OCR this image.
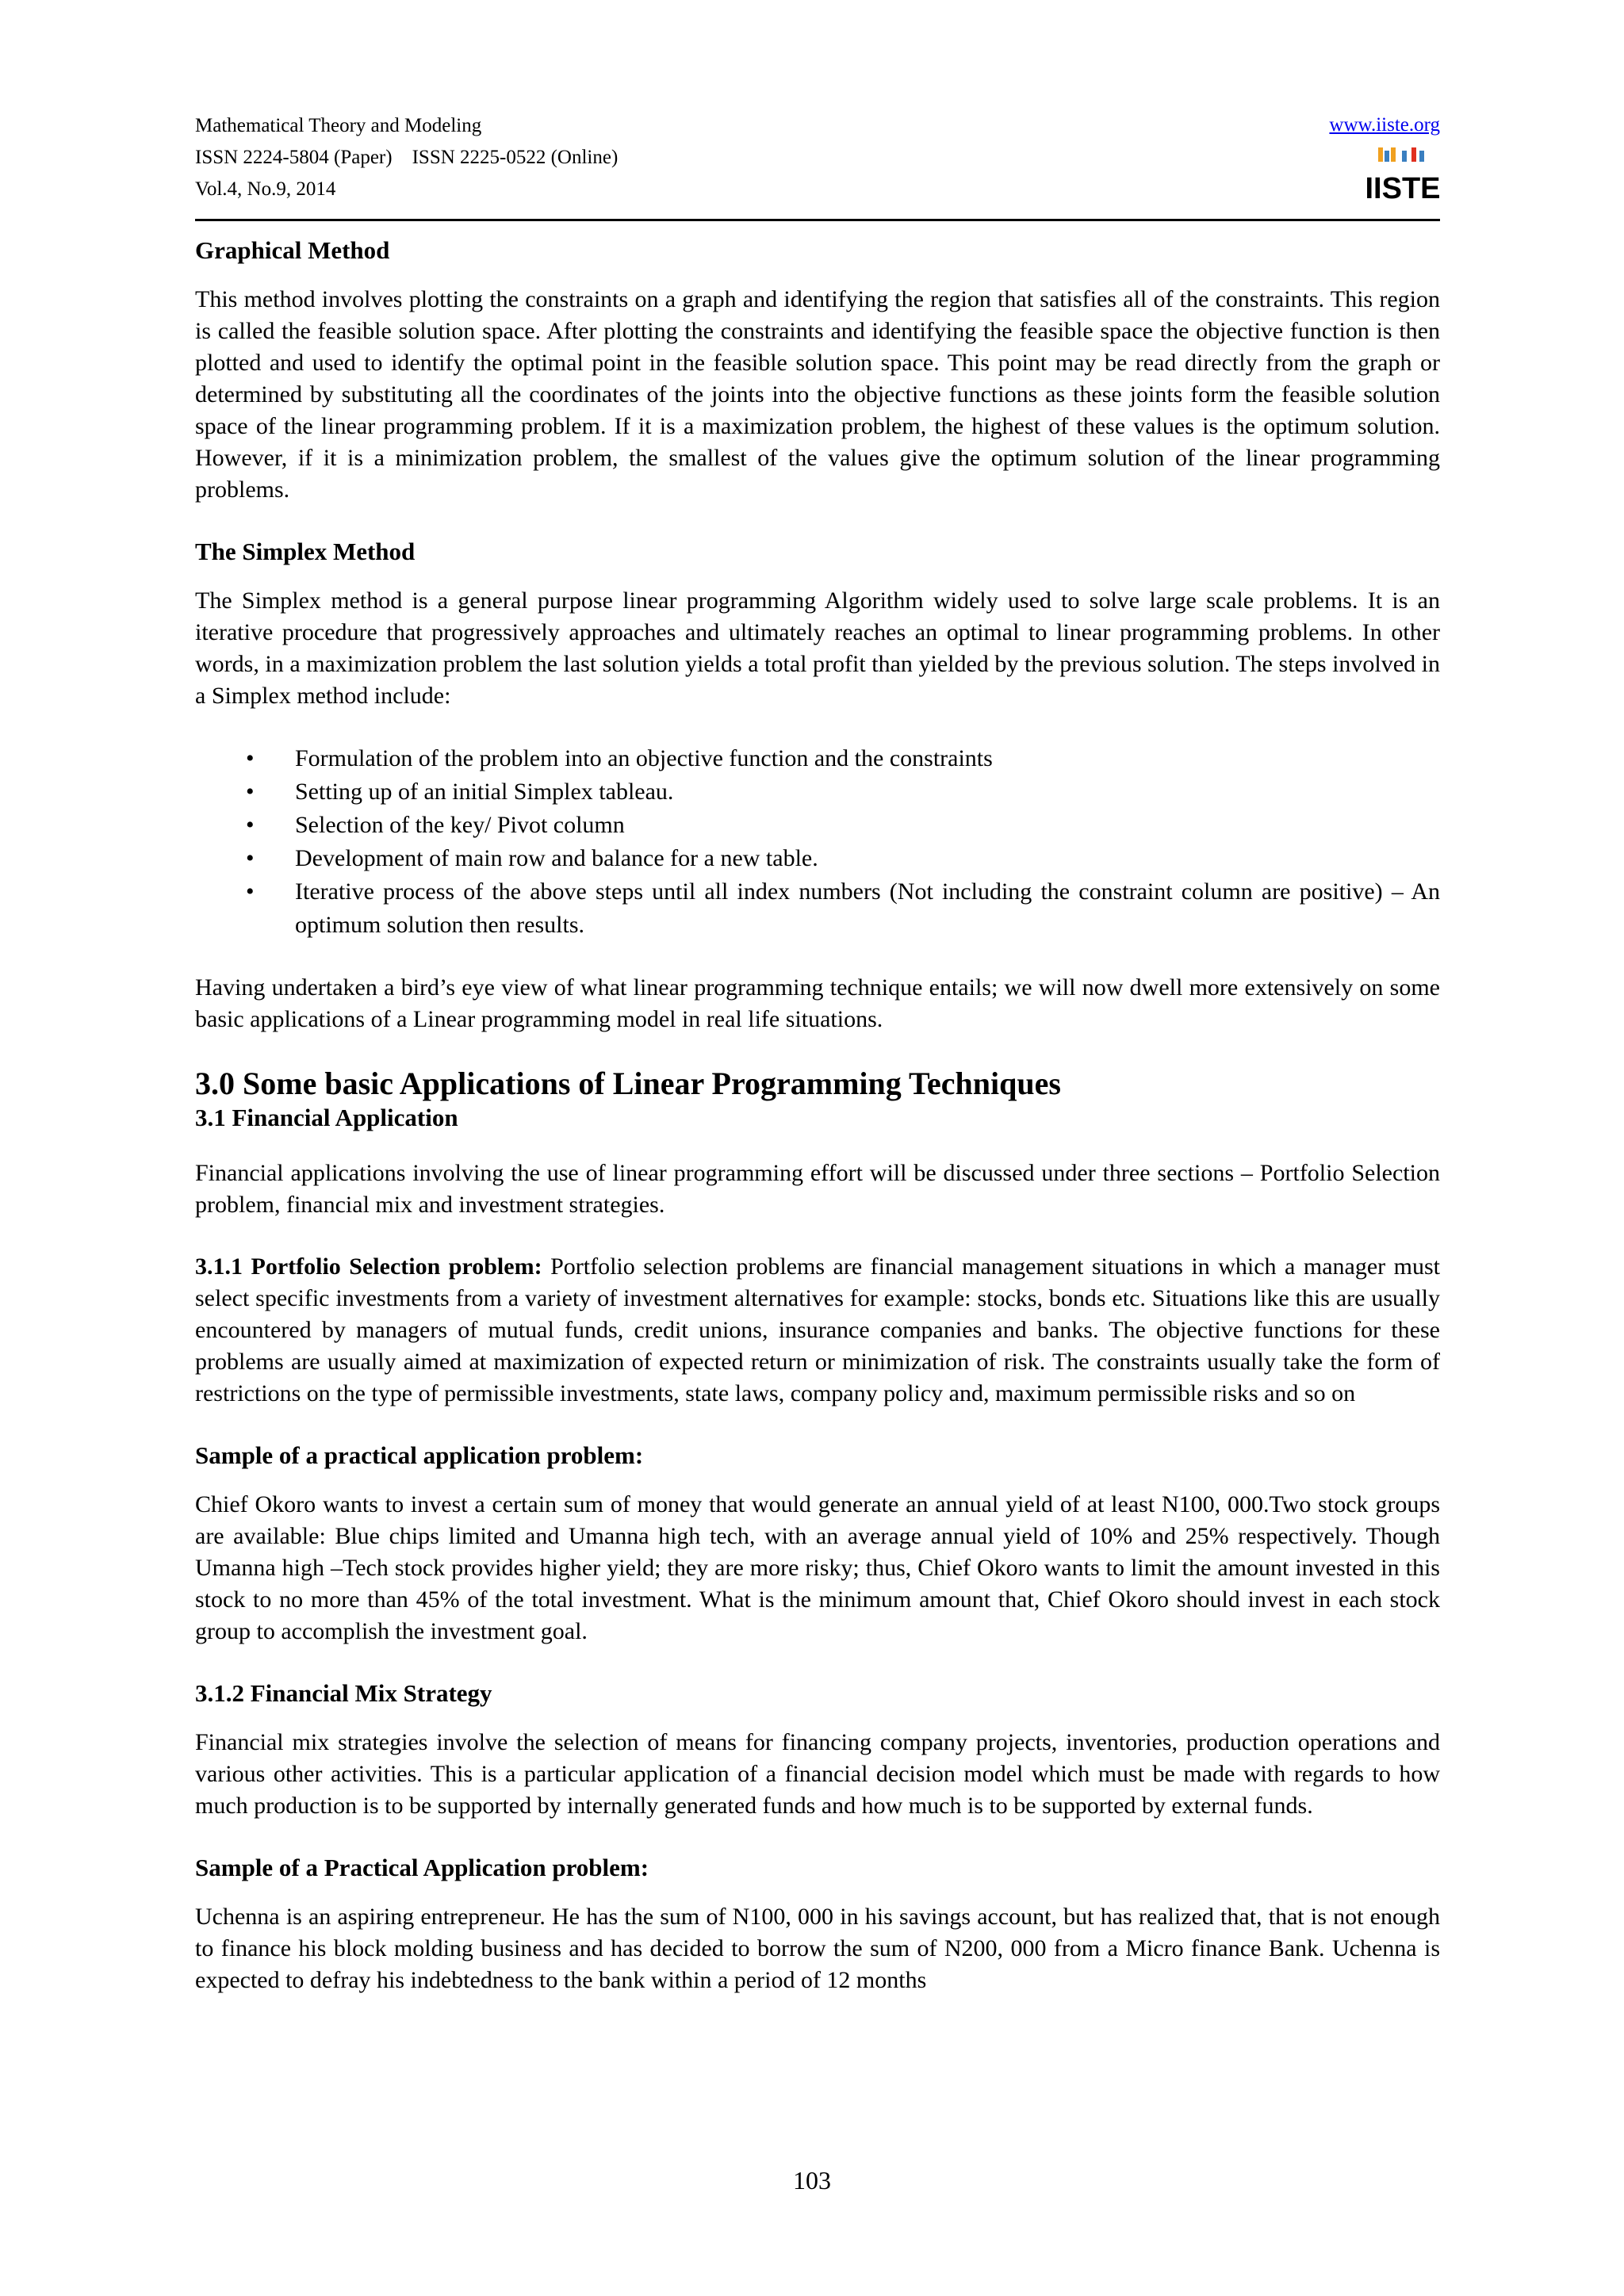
Mathematical Theory and Modeling
ISSN 2224-5804 (Paper)    ISSN 2225-0522 (Online)
Vol.4, No.9, 2014
www.iiste.org
IISTE
Graphical Method

This method involves plotting the constraints on a graph and identifying the region that satisfies all of the constraints. This region is called the feasible solution space. After plotting the constraints and identifying the feasible space the objective function is then plotted and used to identify the optimal point in the feasible solution space. This point may be read directly from the graph or determined by substituting all the coordinates of the joints into the objective functions as these joints form the feasible solution space of the linear programming problem. If it is a maximization problem, the highest of these values is the optimum solution. However, if it is a minimization problem, the smallest of the values give the optimum solution of the linear programming problems.

The Simplex Method

The Simplex method is a general purpose linear programming Algorithm widely used to solve large scale problems. It is an iterative procedure that progressively approaches and ultimately reaches an optimal to linear programming problems. In other words, in a maximization problem the last solution yields a total profit than yielded by the previous solution. The steps involved in a Simplex method include:

• Formulation of the problem into an objective function and the constraints
• Setting up of an initial Simplex tableau.
• Selection of the key/ Pivot column
• Development of main row and balance for a new table.
• Iterative process of the above steps until all index numbers (Not including the constraint column are positive) – An optimum solution then results.

Having undertaken a bird’s eye view of what linear programming technique entails; we will now dwell more extensively on some basic applications of a Linear programming model in real life situations.

3.0 Some basic Applications of Linear Programming Techniques
3.1 Financial Application

Financial applications involving the use of linear programming effort will be discussed under three sections – Portfolio Selection problem, financial mix and investment strategies.

3.1.1 Portfolio Selection problem: Portfolio selection problems are financial management situations in which a manager must select specific investments from a variety of investment alternatives for example: stocks, bonds etc. Situations like this are usually encountered by managers of mutual funds, credit unions, insurance companies and banks. The objective functions for these problems are usually aimed at maximization of expected return or minimization of risk. The constraints usually take the form of restrictions on the type of permissible investments, state laws, company policy and, maximum permissible risks and so on

Sample of a practical application problem:

Chief Okoro wants to invest a certain sum of money that would generate an annual yield of at least N100, 000.Two stock groups are available: Blue chips limited and Umanna high tech, with an average annual yield of 10% and 25% respectively. Though Umanna high –Tech stock provides higher yield; they are more risky; thus, Chief Okoro wants to limit the amount invested in this stock to no more than 45% of the total investment. What is the minimum amount that, Chief Okoro should invest in each stock group to accomplish the investment goal.

3.1.2 Financial Mix Strategy

Financial mix strategies involve the selection of means for financing company projects, inventories, production operations and various other activities. This is a particular application of a financial decision model which must be made with regards to how much production is to be supported by internally generated funds and how much is to be supported by external funds.

Sample of a Practical Application problem:

Uchenna is an aspiring entrepreneur. He has the sum of N100, 000 in his savings account, but has realized that, that is not enough to finance his block molding business and has decided to borrow the sum of N200, 000 from a Micro finance Bank. Uchenna is expected to defray his indebtedness to the bank within a period of 12 months

103
